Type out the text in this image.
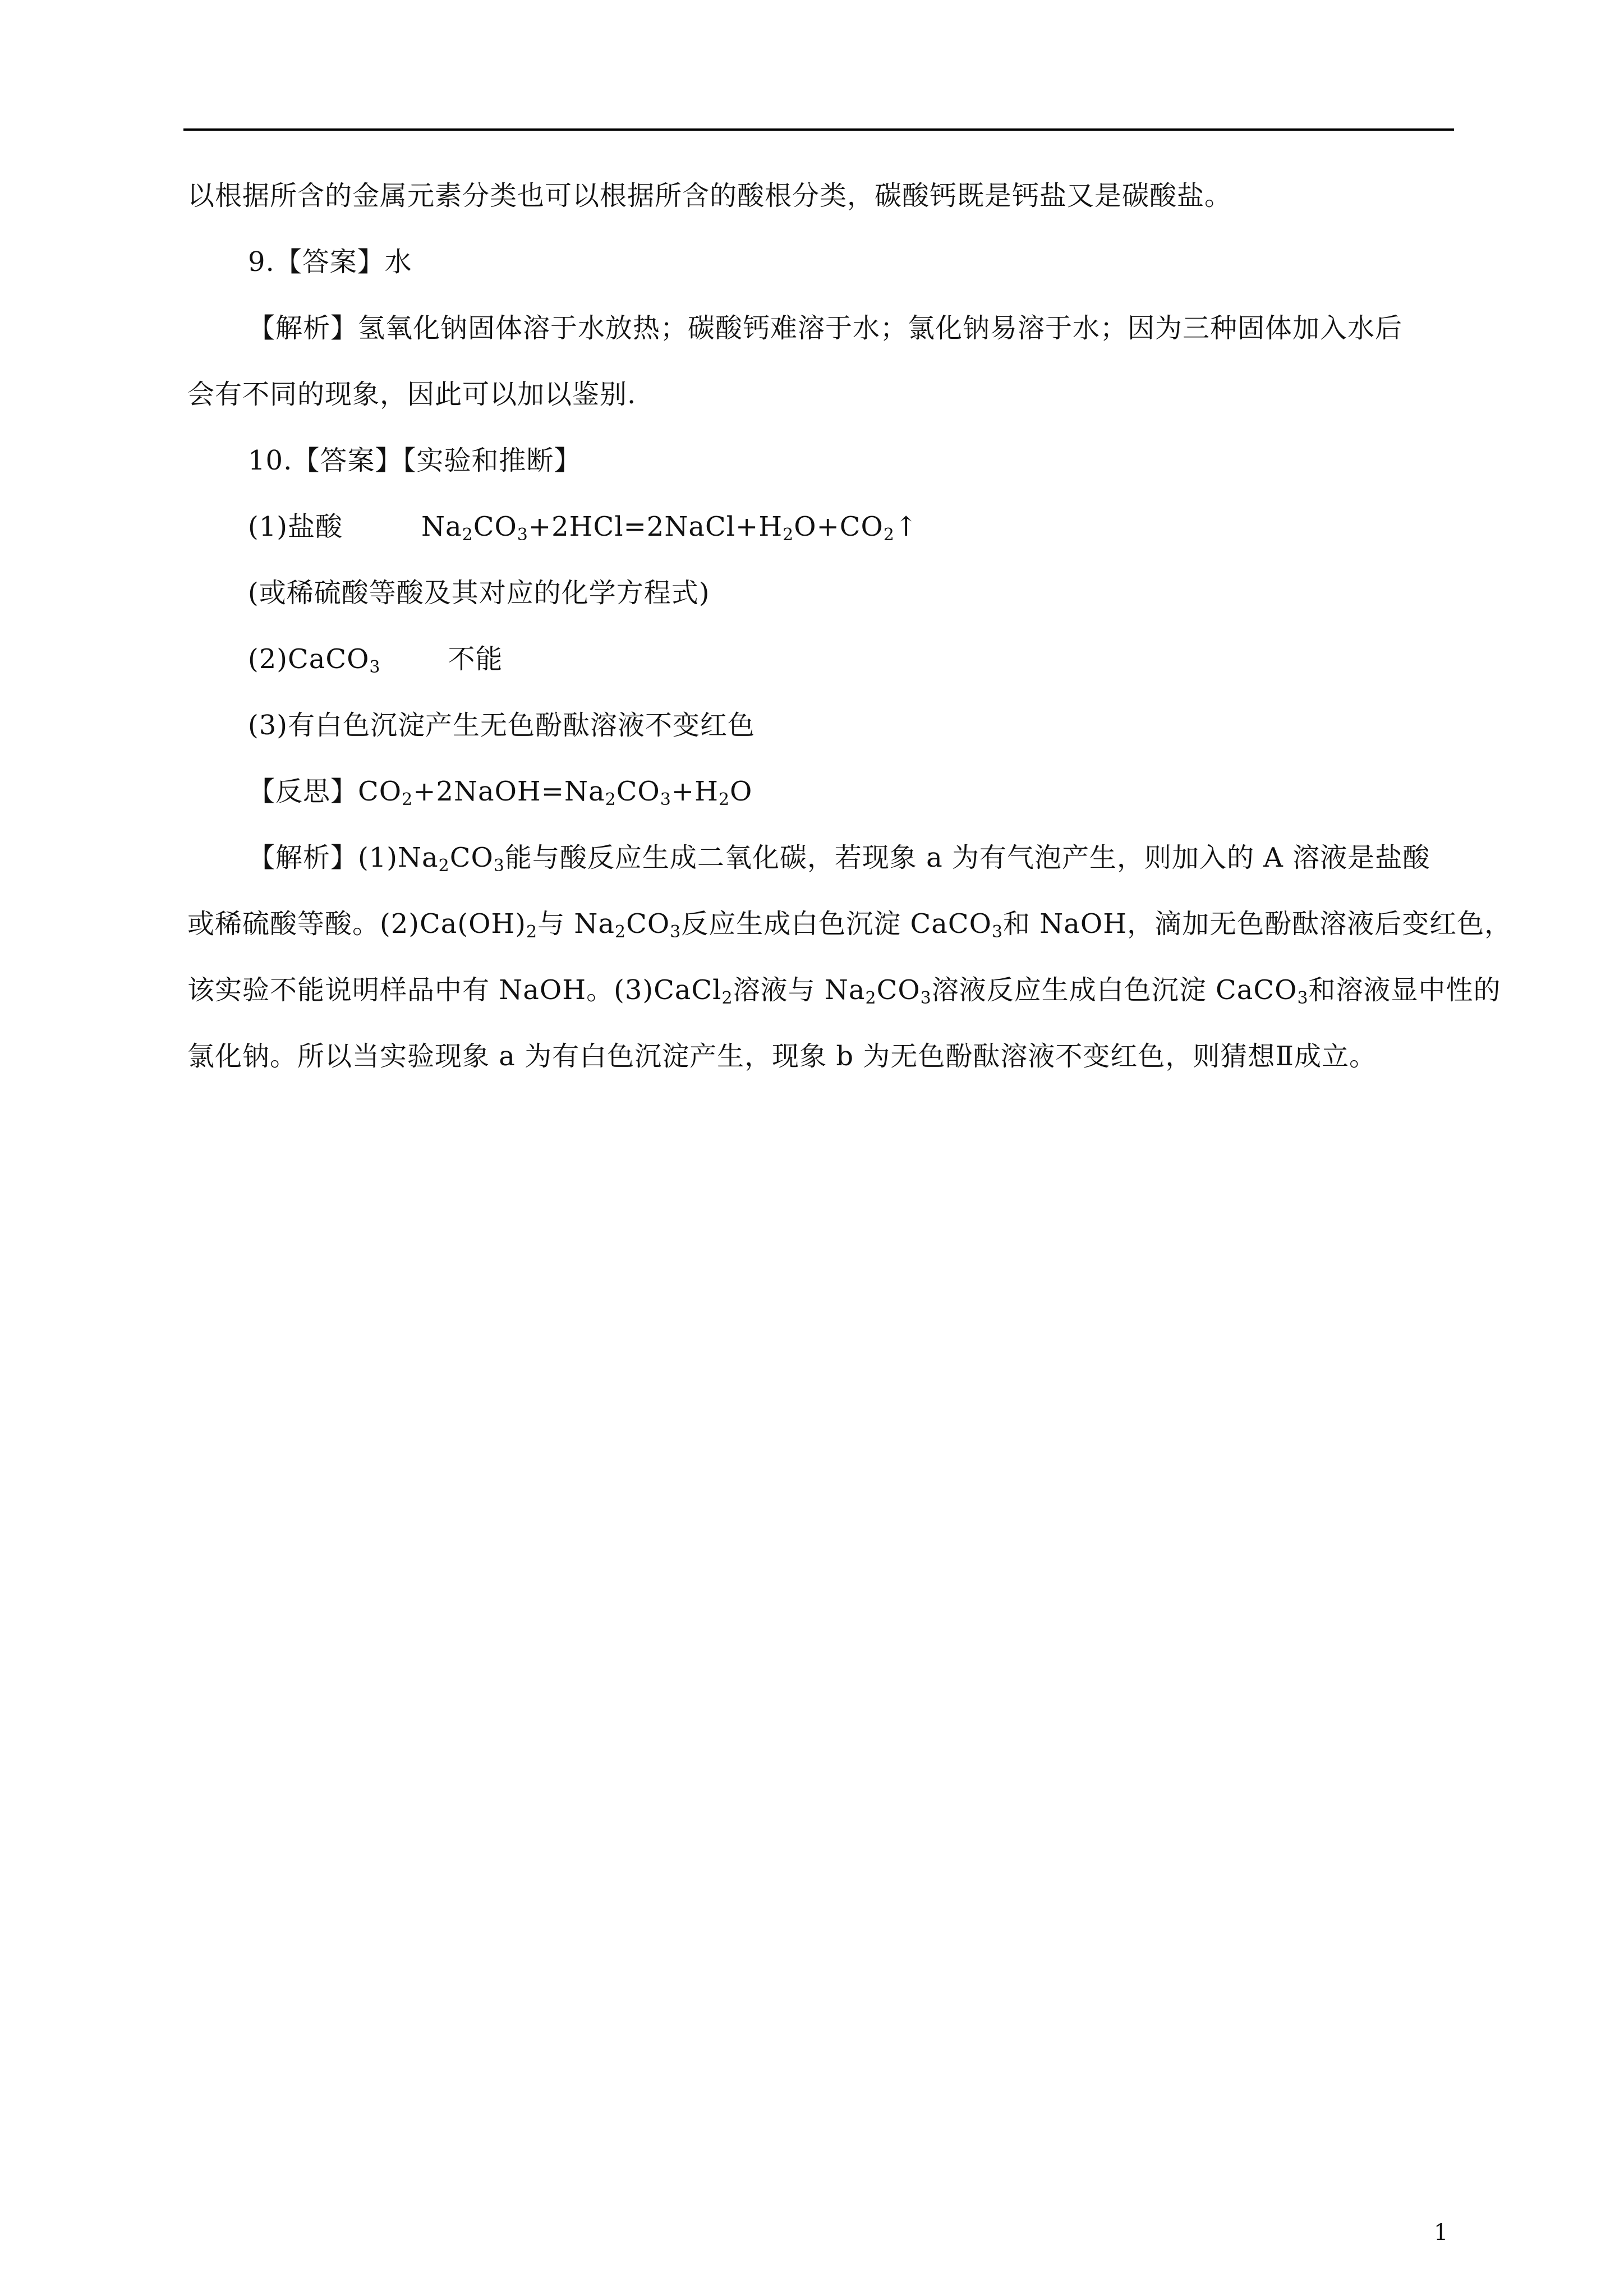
以根据所含的金属元素分类也可以根据所含的酸根分类，碳酸钙既是钙盐又是碳酸盐。
9.【答案】水
【解析】氢氧化钠固体溶于水放热；碳酸钙难溶于水；氯化钠易溶于水；因为三种固体加入水后
会有不同的现象，因此可以加以鉴别.
10.【答案】【实验和推断】
(1)盐酸	$Na_2CO_3+2HCl=2NaCl+H_2O+CO_2↑$
(或稀硫酸等酸及其对应的化学方程式)
(2)CaCO$_3$	不能
(3)有白色沉淀产生无色酚酞溶液不变红色
【反思】$CO_2+2NaOH=Na_2CO_3+H_2O$
【解析】$(1)Na_2CO_3$能与酸反应生成二氧化碳，若现象 a 为有气泡产生，则加入的 A 溶液是盐酸
或稀硫酸等酸。$(2)Ca(OH)_2$与 $Na_2CO_3$反应生成白色沉淀 CaCO$_3$和 NaOH，滴加无色酚酞溶液后变红色，
该实验不能说明样品中有 NaOH。(3)CaCl$_2$溶液与 $Na_2CO_3$溶液反应生成白色沉淀 CaCO$_3$和溶液显中性的
氯化钠。所以当实验现象 a 为有白色沉淀产生，现象 b 为无色酚酞溶液不变红色，则猜想Ⅱ成立。
1
